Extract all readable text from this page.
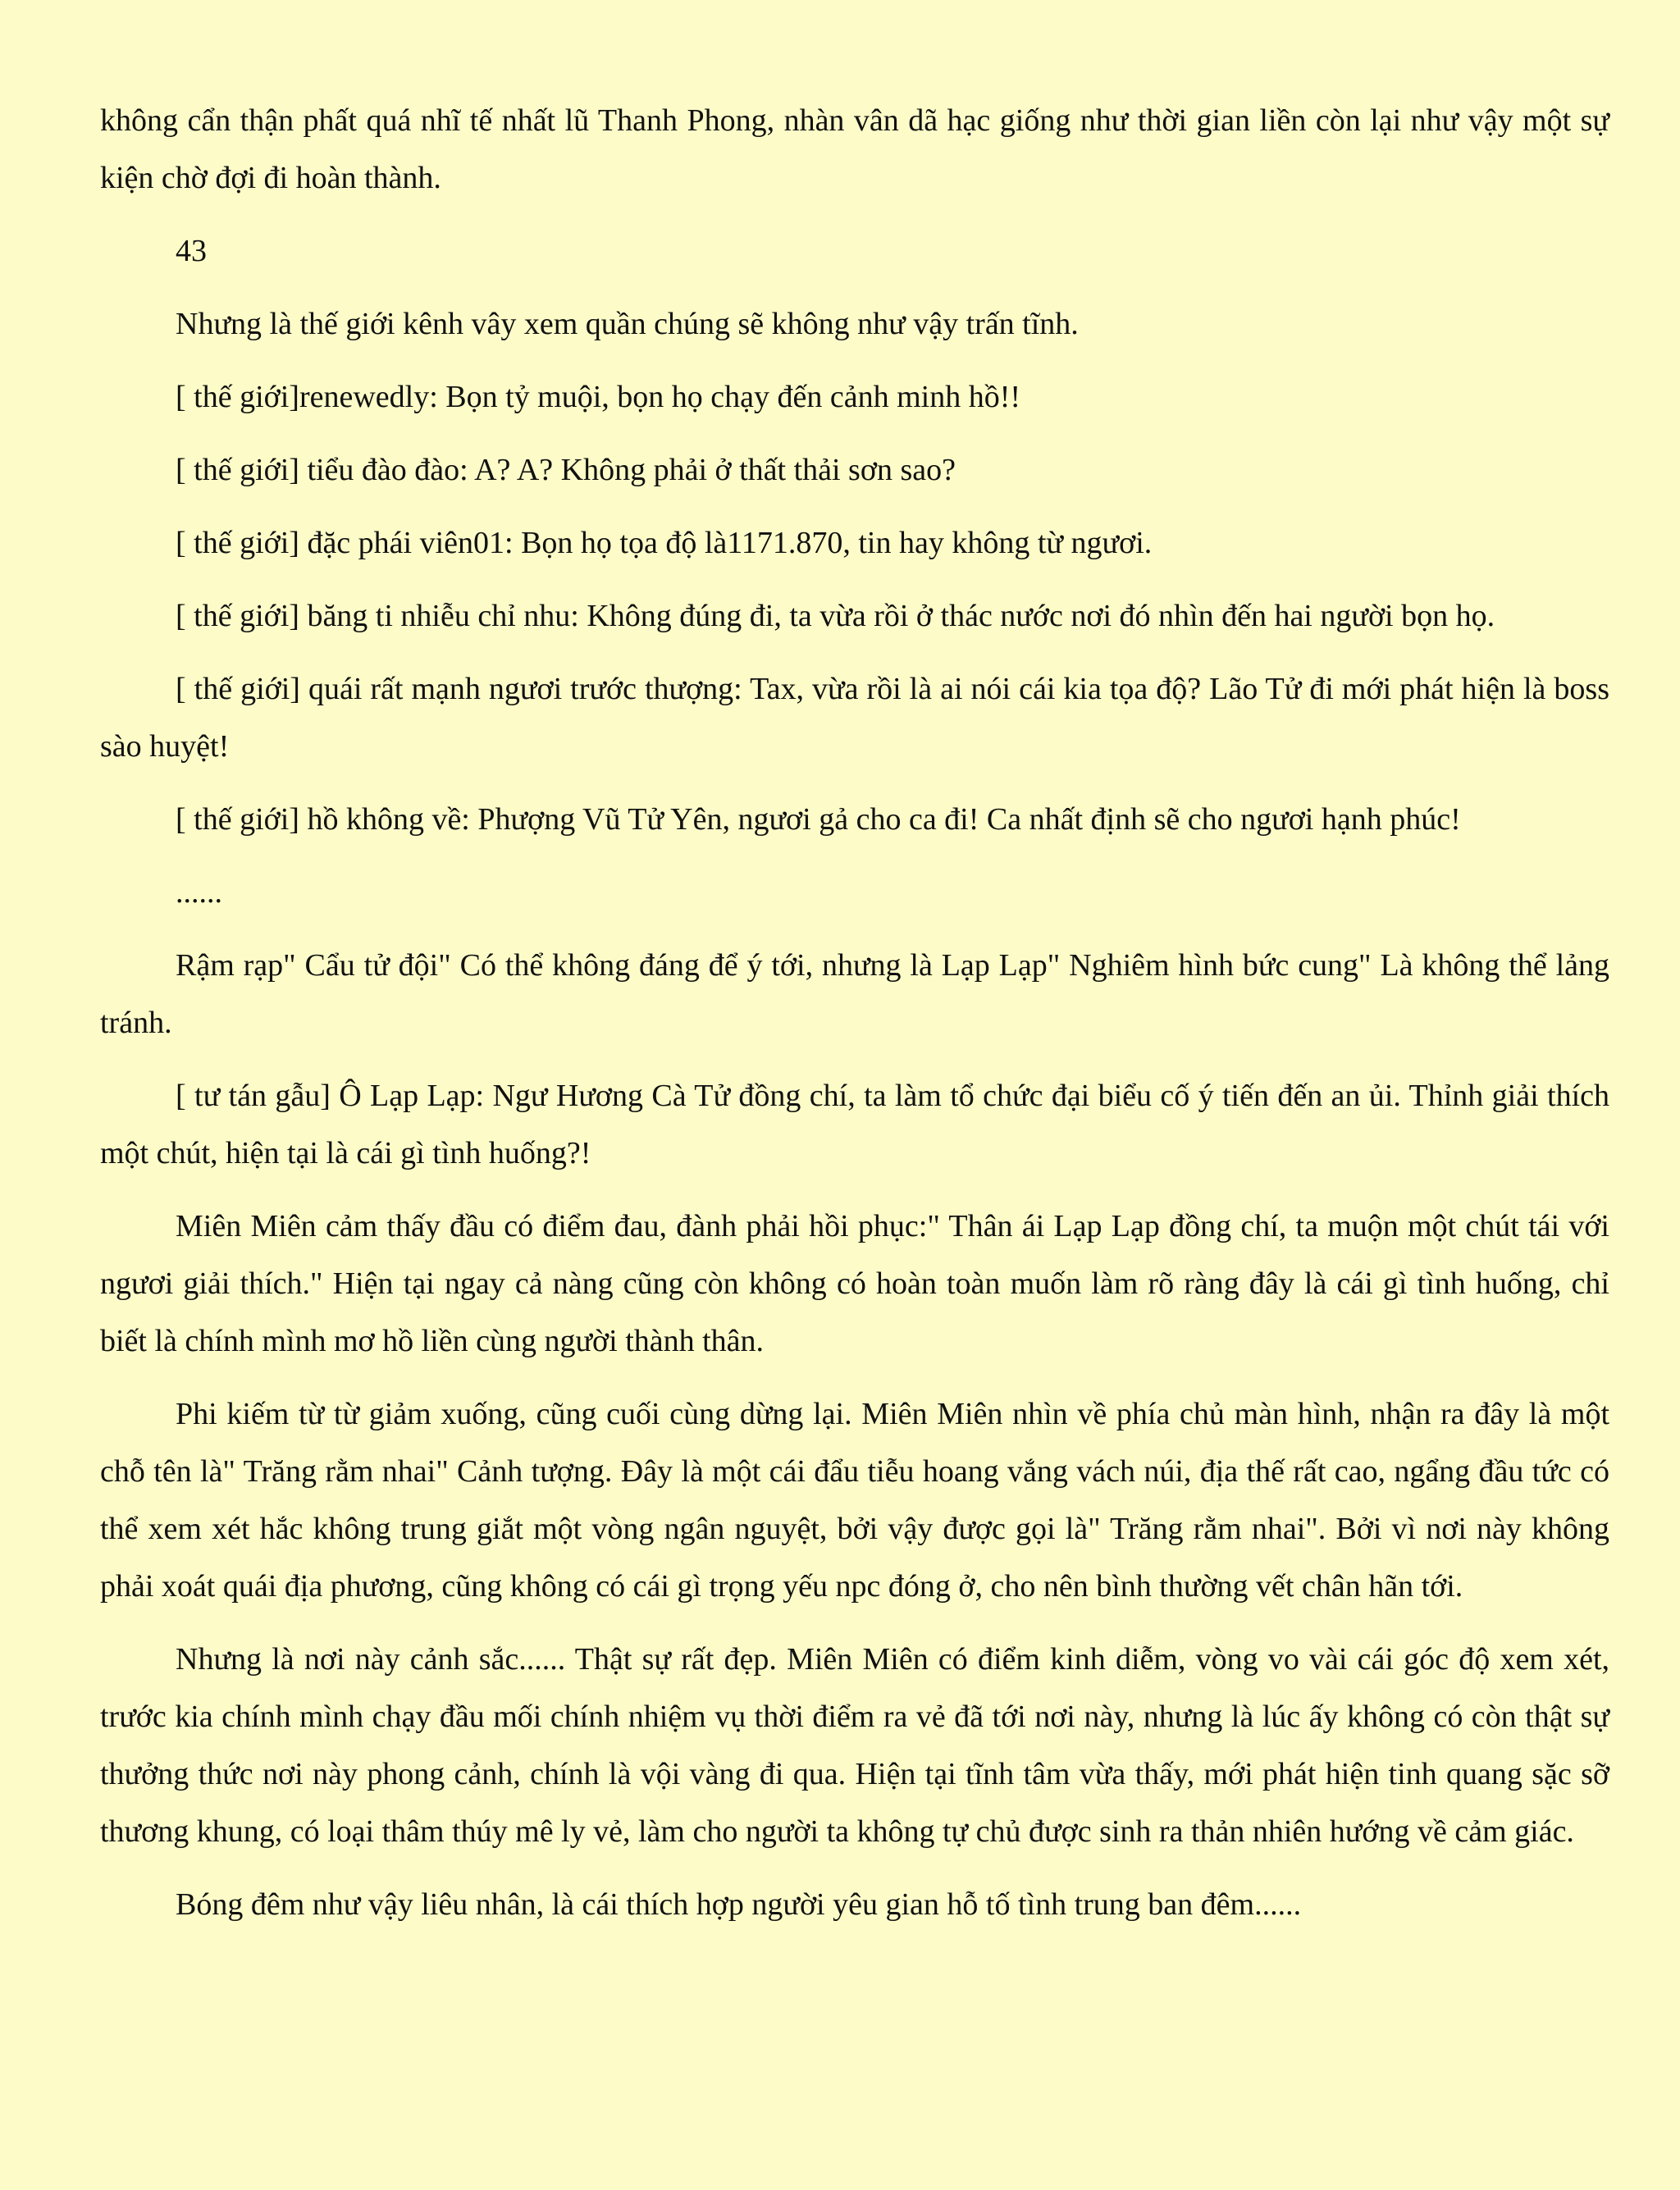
không cẩn thận phất quá nhĩ tế nhất lũ Thanh Phong, nhàn vân dã hạc giống như thời gian liền còn lại như vậy một sự kiện chờ đợi đi hoàn thành.

43

Nhưng là thế giới kênh vây xem quần chúng sẽ không như vậy trấn tĩnh.

[ thế giới]renewedly: Bọn tỷ muội, bọn họ chạy đến cảnh minh hồ!!

[ thế giới] tiểu đào đào: A? A? Không phải ở thất thải sơn sao?

[ thế giới] đặc phái viên01: Bọn họ tọa độ là1171.870, tin hay không từ ngươi.

[ thế giới] băng ti nhiễu chỉ nhu: Không đúng đi, ta vừa rồi ở thác nước nơi đó nhìn đến hai người bọn họ.

[ thế giới] quái rất mạnh ngươi trước thượng: Tax, vừa rồi là ai nói cái kia tọa độ? Lão Tử đi mới phát hiện là boss sào huyệt!

[ thế giới] hồ không về: Phượng Vũ Tử Yên, ngươi gả cho ca đi! Ca nhất định sẽ cho ngươi hạnh phúc!

......

Rậm rạp" Cẩu tử đội" Có thể không đáng để ý tới, nhưng là Lạp Lạp" Nghiêm hình bức cung" Là không thể lảng tránh.

[ tư tán gẫu] Ô Lạp Lạp: Ngư Hương Cà Tử đồng chí, ta làm tổ chức đại biểu cố ý tiến đến an ủi. Thỉnh giải thích một chút, hiện tại là cái gì tình huống?!

Miên Miên cảm thấy đầu có điểm đau, đành phải hồi phục:" Thân ái Lạp Lạp đồng chí, ta muộn một chút tái với ngươi giải thích." Hiện tại ngay cả nàng cũng còn không có hoàn toàn muốn làm rõ ràng đây là cái gì tình huống, chỉ biết là chính mình mơ hồ liền cùng người thành thân.

Phi kiếm từ từ giảm xuống, cũng cuối cùng dừng lại. Miên Miên nhìn về phía chủ màn hình, nhận ra đây là một chỗ tên là" Trăng rằm nhai" Cảnh tượng. Đây là một cái đẩu tiễu hoang vắng vách núi, địa thế rất cao, ngẩng đầu tức có thể xem xét hắc không trung giắt một vòng ngân nguyệt, bởi vậy được gọi là" Trăng rằm nhai". Bởi vì nơi này không phải xoát quái địa phương, cũng không có cái gì trọng yếu npc đóng ở, cho nên bình thường vết chân hãn tới.

Nhưng là nơi này cảnh sắc...... Thật sự rất đẹp. Miên Miên có điểm kinh diễm, vòng vo vài cái góc độ xem xét, trước kia chính mình chạy đầu mối chính nhiệm vụ thời điểm ra vẻ đã tới nơi này, nhưng là lúc ấy không có còn thật sự thưởng thức nơi này phong cảnh, chính là vội vàng đi qua. Hiện tại tĩnh tâm vừa thấy, mới phát hiện tinh quang sặc sỡ thương khung, có loại thâm thúy mê ly vẻ, làm cho người ta không tự chủ được sinh ra thản nhiên hướng về cảm giác.

Bóng đêm như vậy liêu nhân, là cái thích hợp người yêu gian hỗ tố tình trung ban đêm......
